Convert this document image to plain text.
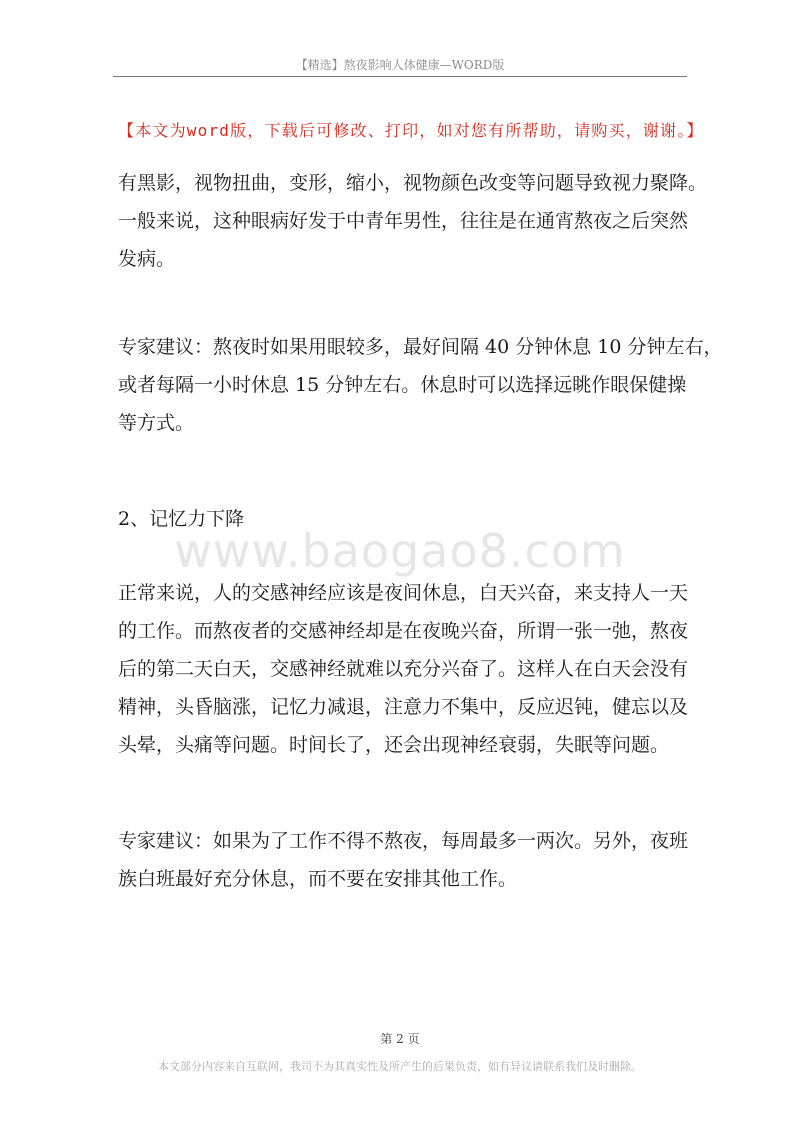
【精选】熬夜影响人体健康—WORD版
【本文为word版，下载后可修改、打印，如对您有所帮助，请购买，谢谢。】
有黑影，视物扭曲，变形，缩小，视物颜色改变等问题导致视力聚降。
一般来说，这种眼病好发于中青年男性，往往是在通宵熬夜之后突然
发病。
专家建议：熬夜时如果用眼较多，最好间隔 40 分钟休息 10 分钟左右，
或者每隔一小时休息 15 分钟左右。休息时可以选择远眺作眼保健操
等方式。
2、记忆力下降
www.baogao8.com
正常来说，人的交感神经应该是夜间休息，白天兴奋，来支持人一天
的工作。而熬夜者的交感神经却是在夜晚兴奋，所谓一张一弛，熬夜
后的第二天白天，交感神经就难以充分兴奋了。这样人在白天会没有
精神，头昏脑涨，记忆力减退，注意力不集中，反应迟钝，健忘以及
头晕，头痛等问题。时间长了，还会出现神经衰弱，失眠等问题。
专家建议：如果为了工作不得不熬夜，每周最多一两次。另外，夜班
族白班最好充分休息，而不要在安排其他工作。
第 2 页
本文部分内容来自互联网，我司不为其真实性及所产生的后果负责，如有异议请联系我们及时删除。
